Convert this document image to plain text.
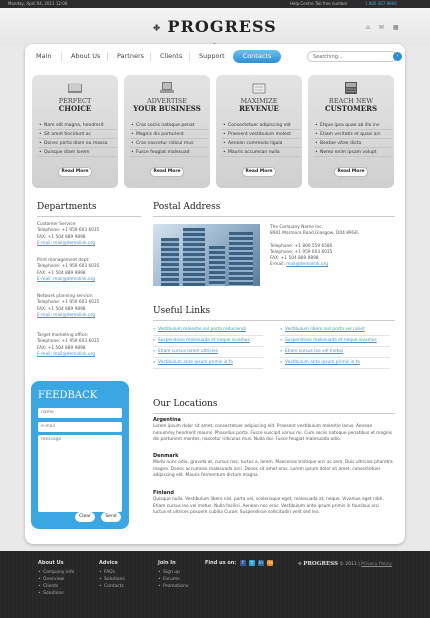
Monday, April 04, 2011 12:00	Help Centre Toll free number	1 800 567 8900
✤ PROGRESS	⌂ ✉ ▦
Main	About Us	Partners Clients	Support	Contacts	Searching...	›
PERFECT
CHOICE
• Nam elit magna, hendrerit
• Sit amet tincidunt ac
• Donec porta diam eu massa
• Quisque diam lorem
Read More
ADVERTISE
YOUR BUSINESS
• Cras sociis natoque penat
• Magnis dis parturient
• Cras nascetur ridicul mus
• Fusce feugiat malesuad
Read More
MAXIMIZE
REVENUE
• Consectetuer adipiscing elit
• Praesent vestibulum molest
• Aenean commodo ligula
• Mauris accumsan nulla
Read More
REACH NEW
CUSTOMERS
• Etque ipsa quae ab illo inv
• Etiam veritatis et quasi arc
• Beatae vitae dicta
• Nemo enim ipsam volupt
Read More
Departments
Customer Service:
Telephone: +1 959 603 6035
FAX: +1 504 889 9898
E-mail: mail@demolink.org
Print management dept:
Telephone: +1 959 603 6035
FAX: +1 504 889 9898
E-mail: mail@demolink.org
Network planning service:
Telephone: +1 959 603 6035
FAX: +1 504 889 9898
E-mail: mail@demolink.org
Target marketing office:
Telephone: +1 959 603 6035
FAX: +1 504 889 9898
E-mail: mail@demolink.org
FEEDBACK
name
e-mail
message
Clear	Send
Postal Address
The Company Name Inc.
8901 Marmora Road,Glasgow, D04 89GR.
Telephone: +1 800 559 6580
Telephone: +1 959 603 6035
FAX: +1 504 889 9898
E-mail: mail@demolink.org
Useful Links
» Vestibulum molestie sol porta reduciendi
» Suspendisse malesuada et neque vivamus
» Etiam cursus lorem ultricies
» Vestibulum ante ipsum primis in fa
» Vestibulum libero nisl porta vel nisiet
» Suspendisse malesuada et neque vivamus
» Etiam cursus leo vel metus
» Vestibulum ante ipsum primis in fa
Our Locations
Argentina
Lorem ipsum dolor sit amet, consectetuer adipiscing elit. Praesent vestibulum molestie lacus. Aenean nonummy hendrerit mauris. Phasellus porta. Fusce suscipit varius mi. Cum sociis natoque penatibus et magnis dis parturient montes, nascetur ridiculus mus. Nulla dui. Fusce feugiat malesuada odio.
Denmark
Morbi nunc odio, gravida at, cursus nec, luctus a, lorem. Maecenas tristique orci ac sem. Duis ultricies pharetra magna. Donec accumsan malesuada orci. Donec sit amet eros. Lorem ipsum dolor sit amet, consectetuer adipiscing elit. Mauris fermentum dictum magna.
Finland
Quisque nulla. Vestibulum libero nisl, porta vel, scelerisque eget, malesuada at, neque. Vivamus eget nibh. Etiam cursus leo vel metus. Nulla facilisi. Aenean nec eros. Vestibulum ante ipsum primis in faucibus orci luctus et ultrices posuere cubilia Curae; Suspendisse sollicitudin velit sed leo.
About Us
• Company info
• Overview
• Clients
• Solutions
Advice
• FAQs
• Solutions
• Contacts
Join In
• Sign up
• Forums
• Promotions
Find us on:	f	t	in rss	✤ PROGRESS © 2011 | Privacy Policy
